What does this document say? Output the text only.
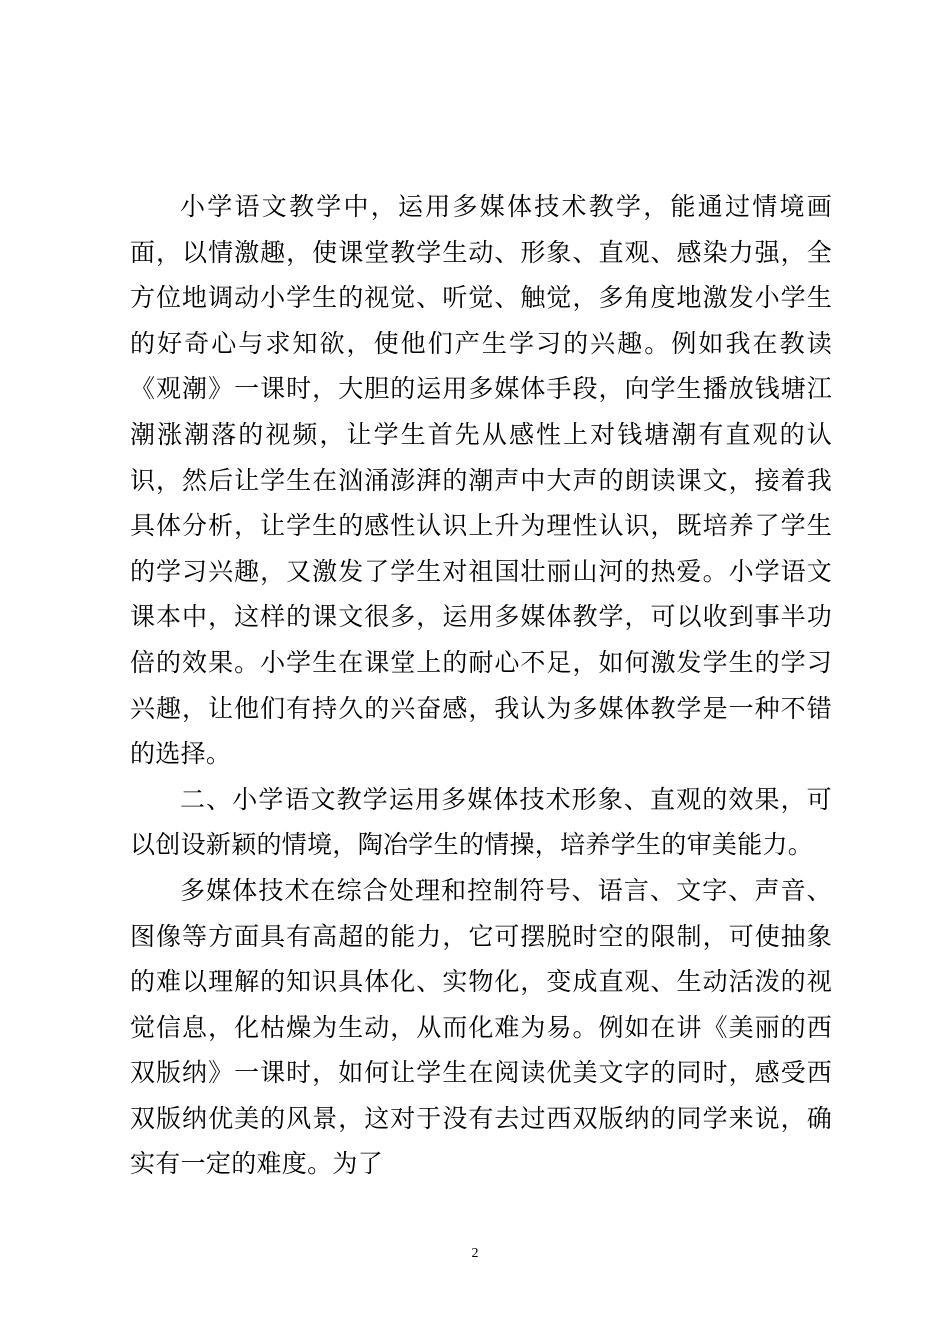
小学语文教学中，运用多媒体技术教学，能通过情境画面，以情激趣，使课堂教学生动、形象、直观、感染力强，全方位地调动小学生的视觉、听觉、触觉，多角度地激发小学生的好奇心与求知欲，使他们产生学习的兴趣。例如我在教读《观潮》一课时，大胆的运用多媒体手段，向学生播放钱塘江潮涨潮落的视频，让学生首先从感性上对钱塘潮有直观的认识，然后让学生在汹涌澎湃的潮声中大声的朗读课文，接着我具体分析，让学生的感性认识上升为理性认识，既培养了学生的学习兴趣，又激发了学生对祖国壮丽山河的热爱。小学语文课本中，这样的课文很多，运用多媒体教学，可以收到事半功倍的效果。小学生在课堂上的耐心不足，如何激发学生的学习兴趣，让他们有持久的兴奋感，我认为多媒体教学是一种不错的选择。

二、小学语文教学运用多媒体技术形象、直观的效果，可以创设新颖的情境，陶冶学生的情操，培养学生的审美能力。

多媒体技术在综合处理和控制符号、语言、文字、声音、图像等方面具有高超的能力，它可摆脱时空的限制，可使抽象的难以理解的知识具体化、实物化，变成直观、生动活泼的视觉信息，化枯燥为生动，从而化难为易。例如在讲《美丽的西双版纳》一课时，如何让学生在阅读优美文字的同时，感受西双版纳优美的风景，这对于没有去过西双版纳的同学来说，确实有一定的难度。为了

2
